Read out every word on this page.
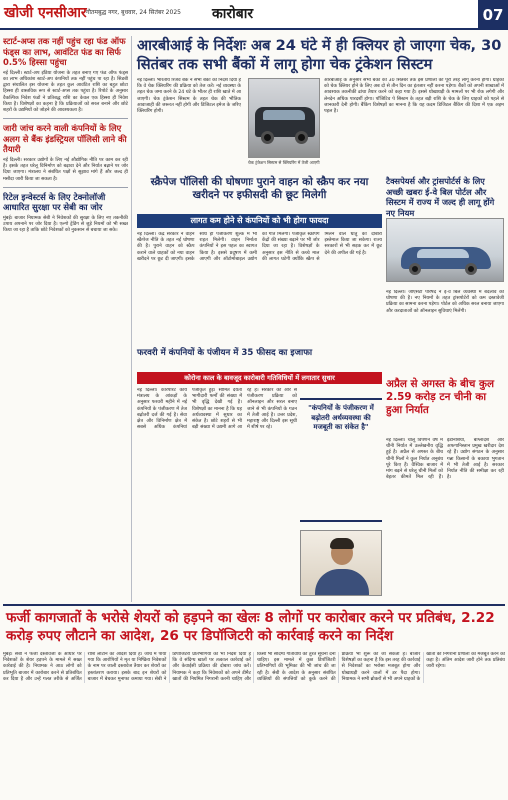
खोजी एनसीआर गौतमबुद्ध नगर, बुधवार, 24 सितंबर 2025 कारोबार	07
स्टार्ट-अप्स तक नहीं पहुंच रहा फंड ऑफ फंड्स का लाभ, आवंटित फंड का सिर्फ 0.5% हिस्सा पहुंचा
नई दिल्ली। स्टार्ट-अप इंडिया योजना के तहत बनाए गए फंड ऑफ फंड्स का लाभ अधिकांश स्टार्ट-अप कंपनियों तक नहीं पहुंच पा रहा है। सिडबी द्वारा संचालित इस योजना के तहत कुल आवंटित राशि का बहुत छोटा हिस्सा ही वास्तविक रूप से स्टार्ट-अप्स तक पहुंचा है। रिपोर्ट के अनुसार वैकल्पिक निवेश फंडों ने प्रतिबद्ध राशि का केवल एक हिस्सा ही निवेश किया है। विशेषज्ञों का कहना है कि प्रक्रियाओं को सरल बनाने और छोटे शहरों के उद्यमियों को जोड़ने की आवश्यकता है।
जारी जांच करने वाली कंपनियों के लिए अलग से बैंक इंडस्ट्रियल पॉलिसी लाने की तैयारी
नई दिल्ली। सरकार उद्योगों के लिए नई औद्योगिक नीति पर काम कर रही है। इसके तहत घरेलू विनिर्माण को बढ़ावा देने और निर्यात बढ़ाने पर जोर दिया जाएगा। मंत्रालय ने संबंधित पक्षों से सुझाव मांगे हैं और जल्द ही मसौदा जारी किया जा सकता है।
रिटेल इन्वेस्टर्स के लिए टेक्नोलॉजी आधारित सुरक्षा पर सेबी का जोर
मुंबई। बाजार नियामक सेबी ने निवेशकों की सुरक्षा के लिए नए तकनीकी उपाय अपनाने पर जोर दिया है। एल्गो ट्रेडिंग से जुड़े नियमों को भी सख्त किया जा रहा है ताकि छोटे निवेशकों को नुकसान से बचाया जा सके।
आरबीआई के निर्देशः अब 24 घंटे में ही क्लियर हो जाएगा चेक, 30 सितंबर तक सभी बैंकों में लागू होगा चेक ट्रंकेशन सिस्टम
नई दिल्ली। भारतीय रिजर्व बैंक ने सभी बैंकों को निर्देश दिया है कि वे चेक क्लियरिंग की प्रक्रिया को तेज करें। नई व्यवस्था के तहत चेक जमा करने के 24 घंटे के भीतर ही राशि खाते में आ जाएगी। चेक ट्रंकेशन सिस्टम के तहत चेक की भौतिक आवाजाही की जरूरत नहीं होगी और डिजिटल इमेज के जरिए क्लियरिंग होगी।
चेक ट्रंकेशन सिस्टम से क्लियरिंग में तेजी आएगी
आरबीआई के अनुसार सभी बैंकों को 30 सितंबर तक इस प्रणाली को पूरी तरह लागू करना होगा। ग्राहकों को चेक क्लियर होने के लिए अब दो से तीन दिन का इंतजार नहीं करना पड़ेगा। बैंकों को अपनी शाखाओं में आवश्यक तकनीकी ढांचा तैयार करने को कहा गया है। इससे धोखाधड़ी के मामलों पर भी रोक लगेगी और लेनदेन अधिक पारदर्शी होगा। पॉजिटिव पे सिस्टम के तहत बड़ी राशि के चेक के लिए ग्राहकों को पहले से जानकारी देनी होगी। बैंकिंग विशेषज्ञों का मानना है कि यह कदम डिजिटल बैंकिंग की दिशा में एक अहम पहल है।
स्क्रैपेज पॉलिसी की घोषणाः पुराने वाहन को स्क्रैप कर नया खरीदने पर इफीसदी की छूट मिलेगी
लागत कम होने से कंपनियों को भी होगा फायदा
नई दिल्ली। केंद्र सरकार ने वाहन स्क्रैपेज नीति के तहत नई घोषणा की है। पुराने वाहन को स्क्रैप कराने वाले ग्राहकों को नया वाहन खरीदने पर छूट दी जाएगी। इसके साथ ही पंजीकरण शुल्क में भी राहत मिलेगी। वाहन निर्माता कंपनियों ने इस पहल का स्वागत किया है। इससे प्रदूषण में कमी आएगी और ऑटोमोबाइल उद्योग को गति मिलेगी। पंजीकृत स्क्रैपिंग केंद्रों की संख्या बढ़ाने पर भी जोर दिया जा रहा है। विशेषज्ञों के अनुसार इस नीति से कच्चे माल की लागत घटेगी क्योंकि स्क्रैप से मिलने वाले धातु को दोबारा इस्तेमाल किया जा सकेगा। राज्य सरकारों से भी सड़क कर में छूट देने की अपील की गई है।
टैक्सपेयर्स और ट्रांसपोर्टर्स के लिए अच्छी खबरः ई-वे बिल पोर्टल और सिस्टम में राज्य में जल्द ही लागू होंगे नए नियम
नई दिल्ली। जीएसटी परिषद ने ई-वे बिल व्यवस्था में बदलाव की घोषणा की है। नए नियमों के तहत ट्रांसपोर्टरों को कम दस्तावेजी प्रक्रिया का सामना करना पड़ेगा। पोर्टल को अधिक सरल बनाया जाएगा और करदाताओं को ऑनलाइन सुविधाएं मिलेंगी।
फरवरी में कंपनियों के पंजीयन में 35 फीसद का इजाफा
कोरोना काल के बावजूद कारोबारी गतिविधियों में लगातार सुधार
नई दिल्ली। कॉरपोरेट कार्य मंत्रालय के आंकड़ों के अनुसार फरवरी महीने में नई कंपनियों के पंजीकरण में तेज बढ़ोतरी दर्ज की गई है। सेवा क्षेत्र और विनिर्माण क्षेत्र में सबसे अधिक कंपनियां पंजीकृत हुईं। सीमित देयता भागीदारी फर्मों की संख्या में भी वृद्धि देखी गई है। विशेषज्ञों का मानना है कि यह अर्थव्यवस्था में सुधार का संकेत है। छोटे शहरों से भी बड़ी संख्या में उद्यमी आगे आ रहे हैं। सरकार की ओर से पंजीकरण प्रक्रिया को ऑनलाइन और सरल बनाए जाने से भी कंपनियों के गठन में तेजी आई है। उत्तर प्रदेश, महाराष्ट्र और दिल्ली इस सूची में शीर्ष पर रहे।
"कंपनियों के पंजीकरण में बढ़ोतरी अर्थव्यवस्था की मजबूती का संकेत है"
अप्रैल से अगस्त के बीच कुल 2.59 करोड़ टन चीनी का हुआ निर्यात
नई दिल्ली। चालू विपणन वर्ष में चीनी निर्यात में उल्लेखनीय वृद्धि हुई है। अप्रैल से अगस्त के बीच चीनी मिलों ने कुल निर्यात अनुबंध पूरे किए हैं। वैश्विक बाजार में मांग बढ़ने से घरेलू चीनी मिलों को बेहतर कीमतें मिल रही हैं। इंडोनेशिया, बांग्लादेश और अफगानिस्तान प्रमुख खरीदार देश रहे हैं। उद्योग संगठन के अनुसार गन्ना किसानों के बकाया भुगतान में भी तेजी आई है। सरकार निर्यात नीति की समीक्षा कर रही है।
फर्जी कागजातों के भरोसे शेयरों को हड़पने का खेलः 8 लोगों पर कारोबार करने पर प्रतिबंध, 2.22 करोड़ रुपए लौटाने का आदेश, 26 पर डिपॉजिटरी को कार्रवाई करने का निर्देश
मुंबई। सेबी ने फर्जी दस्तावेजों के आधार पर निवेशकों के शेयर हड़पने के मामले में सख्त कार्रवाई की है। नियामक ने आठ लोगों को प्रतिभूति बाजार में कारोबार करने से प्रतिबंधित कर दिया है और उन्हें गलत तरीके से अर्जित राशि लौटाने का आदेश दिया है। जांच में पाया गया कि आरोपियों ने मृत या निष्क्रिय निवेशकों के नाम पर जाली दस्तावेज तैयार कर शेयरों का हस्तांतरण कराया। इसके बाद इन शेयरों को बाजार में बेचकर मुनाफा कमाया गया। सेबी ने डिपॉजिटरी प्रतिभागियों को भी निर्देश दिया है कि वे संदिग्ध खातों पर तत्काल कार्रवाई करें और केवाईसी प्रक्रिया की दोबारा जांच करें। नियामक ने कहा कि निवेशकों को अपने डीमैट खातों की नियमित निगरानी करनी चाहिए और किसी भी संदिग्ध गतिविधि की तुरंत सूचना देनी चाहिए। इस मामले में कुछ डिपॉजिटरी प्रतिभागियों की भूमिका की भी जांच की जा रही है। सेबी के आदेश के अनुसार संबंधित व्यक्तियों की संपत्तियों को कुर्क करने की प्रक्रिया भी शुरू की जा सकती है। बाजार विशेषज्ञों का कहना है कि इस तरह की कार्रवाई से निवेशकों का भरोसा मजबूत होगा और धोखाधड़ी करने वालों में डर पैदा होगा। नियामक ने सभी ब्रोकरों से भी अपने ग्राहकों के खातों की निगरानी प्रणाली को मजबूत करने को कहा है। अंतिम आदेश जारी होने तक प्रतिबंध जारी रहेगा।
